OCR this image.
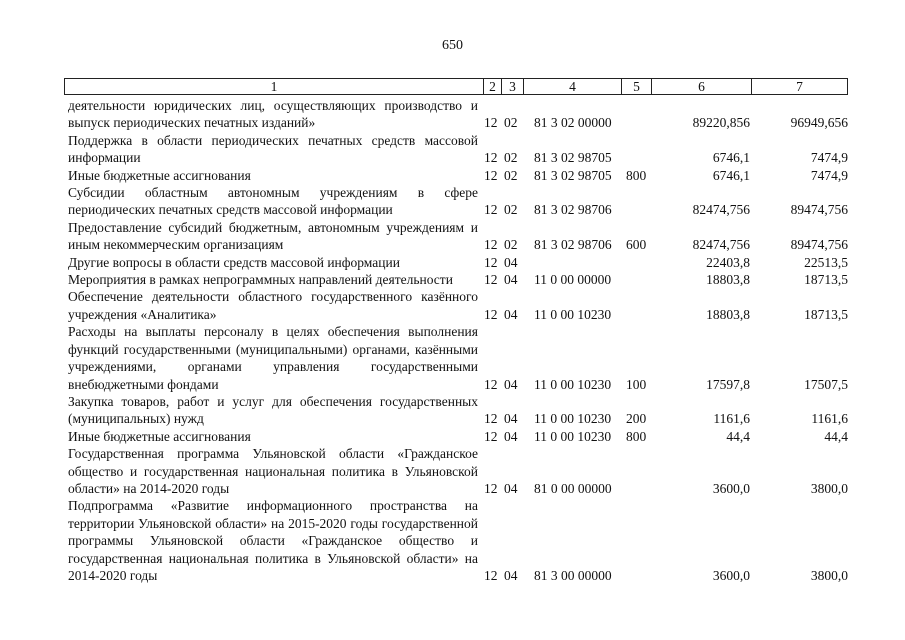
650
1	2 3	4	5	6	7
деятельности юридических лиц, осуществляющих производство и выпуск периодических печатных изданий»	12 02 81 3 02 00000	89220,856	96949,656
Поддержка в области периодических печатных средств массовой информации	12 02 81 3 02 98705	6746,1	7474,9
Иные бюджетные ассигнования	12 02 81 3 02 98705 800	6746,1	7474,9
Субсидии областным автономным учреждениям в сфере периодических печатных средств массовой информации	12 02 81 3 02 98706	82474,756	89474,756
Предоставление субсидий бюджетным, автономным учреждениям и иным некоммерческим организациям	12 02 81 3 02 98706 600	82474,756	89474,756
Другие вопросы в области средств массовой информации	12 04	22403,8	22513,5
Мероприятия в рамках непрограммных направлений деятельности	12 04 11 0 00 00000	18803,8	18713,5
Обеспечение деятельности областного государственного казённого учреждения «Аналитика»	12 04 11 0 00 10230	18803,8	18713,5
Расходы на выплаты персоналу в целях обеспечения выполнения функций государственными (муниципальными) органами, казёнными учреждениями, органами управления государственными внебюджетными фондами	12 04 11 0 00 10230 100	17597,8	17507,5
Закупка товаров, работ и услуг для обеспечения государственных (муниципальных) нужд	12 04 11 0 00 10230 200	1161,6	1161,6
Иные бюджетные ассигнования	12 04 11 0 00 10230 800	44,4	44,4
Государственная программа Ульяновской области «Гражданское общество и государственная национальная политика в Ульяновской области» на 2014-2020 годы	12 04 81 0 00 00000	3600,0	3800,0
Подпрограмма «Развитие информационного пространства на территории Ульяновской области» на 2015-2020 годы государственной программы Ульяновской области «Гражданское общество и государственная национальная политика в Ульяновской области» на 2014-2020 годы	12 04 81 3 00 00000	3600,0	3800,0
